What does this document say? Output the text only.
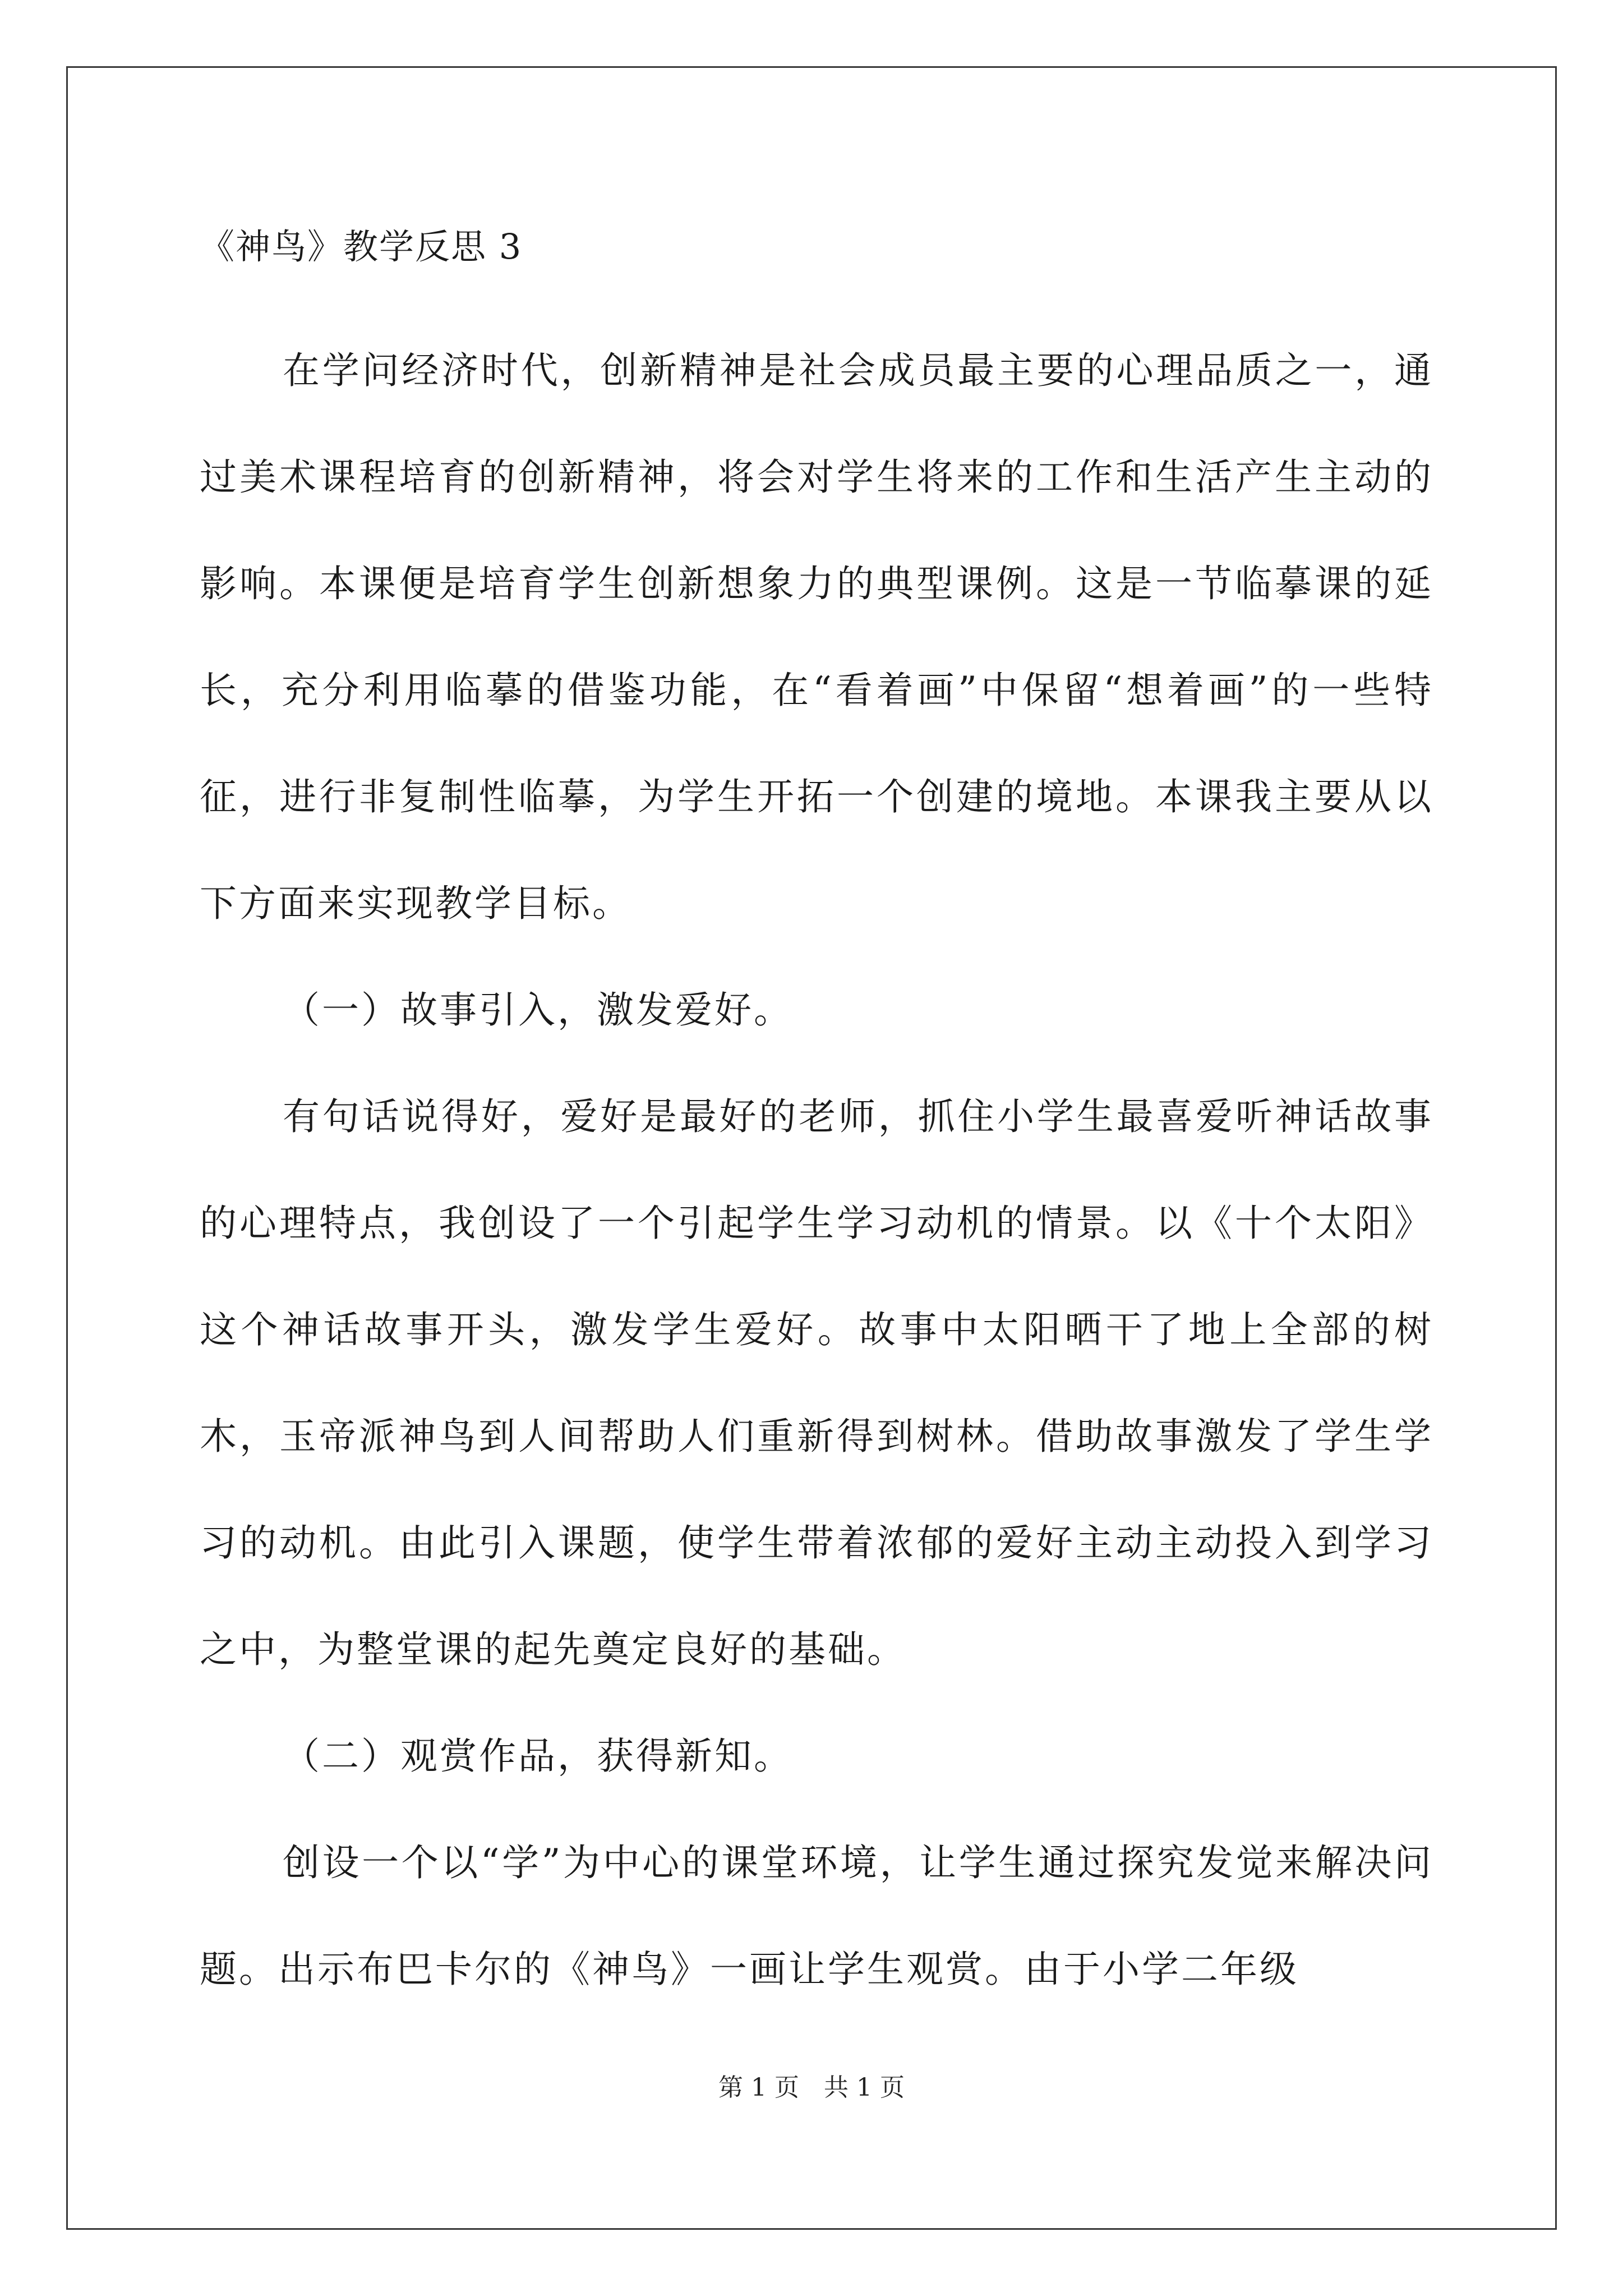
《神鸟》教学反思 3

在学问经济时代，创新精神是社会成员最主要的心理品质之一，通过美术课程培育的创新精神，将会对学生将来的工作和生活产生主动的影响。本课便是培育学生创新想象力的典型课例。这是一节临摹课的延长，充分利用临摹的借鉴功能，在“看着画”中保留“想着画”的一些特征，进行非复制性临摹，为学生开拓一个创建的境地。本课我主要从以下方面来实现教学目标。

（一）故事引入，激发爱好。

有句话说得好，爱好是最好的老师，抓住小学生最喜爱听神话故事的心理特点，我创设了一个引起学生学习动机的情景。以《十个太阳》这个神话故事开头，激发学生爱好。故事中太阳晒干了地上全部的树木，玉帝派神鸟到人间帮助人们重新得到树林。借助故事激发了学生学习的动机。由此引入课题，使学生带着浓郁的爱好主动主动投入到学习之中，为整堂课的起先奠定良好的基础。

（二）观赏作品，获得新知。

创设一个以“学”为中心的课堂环境，让学生通过探究发觉来解决问题。出示布巴卡尔的《神鸟》一画让学生观赏。由于小学二年级

第 1 页　共 1 页
